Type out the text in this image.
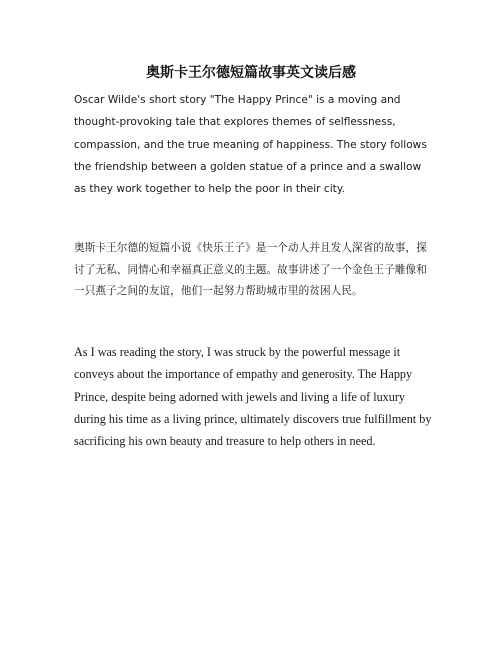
奥斯卡王尔德短篇故事英文读后感

Oscar Wilde's short story "The Happy Prince" is a moving and thought-provoking tale that explores themes of selflessness, compassion, and the true meaning of happiness. The story follows the friendship between a golden statue of a prince and a swallow as they work together to help the poor in their city.

奥斯卡王尔德的短篇小说《快乐王子》是一个动人并且发人深省的故事，探讨了无私、同情心和幸福真正意义的主题。故事讲述了一个金色王子雕像和一只燕子之间的友谊，他们一起努力帮助城市里的贫困人民。

As I was reading the story, I was struck by the powerful message it conveys about the importance of empathy and generosity. The Happy Prince, despite being adorned with jewels and living a life of luxury during his time as a living prince, ultimately discovers true fulfillment by sacrificing his own beauty and treasure to help others in need.
